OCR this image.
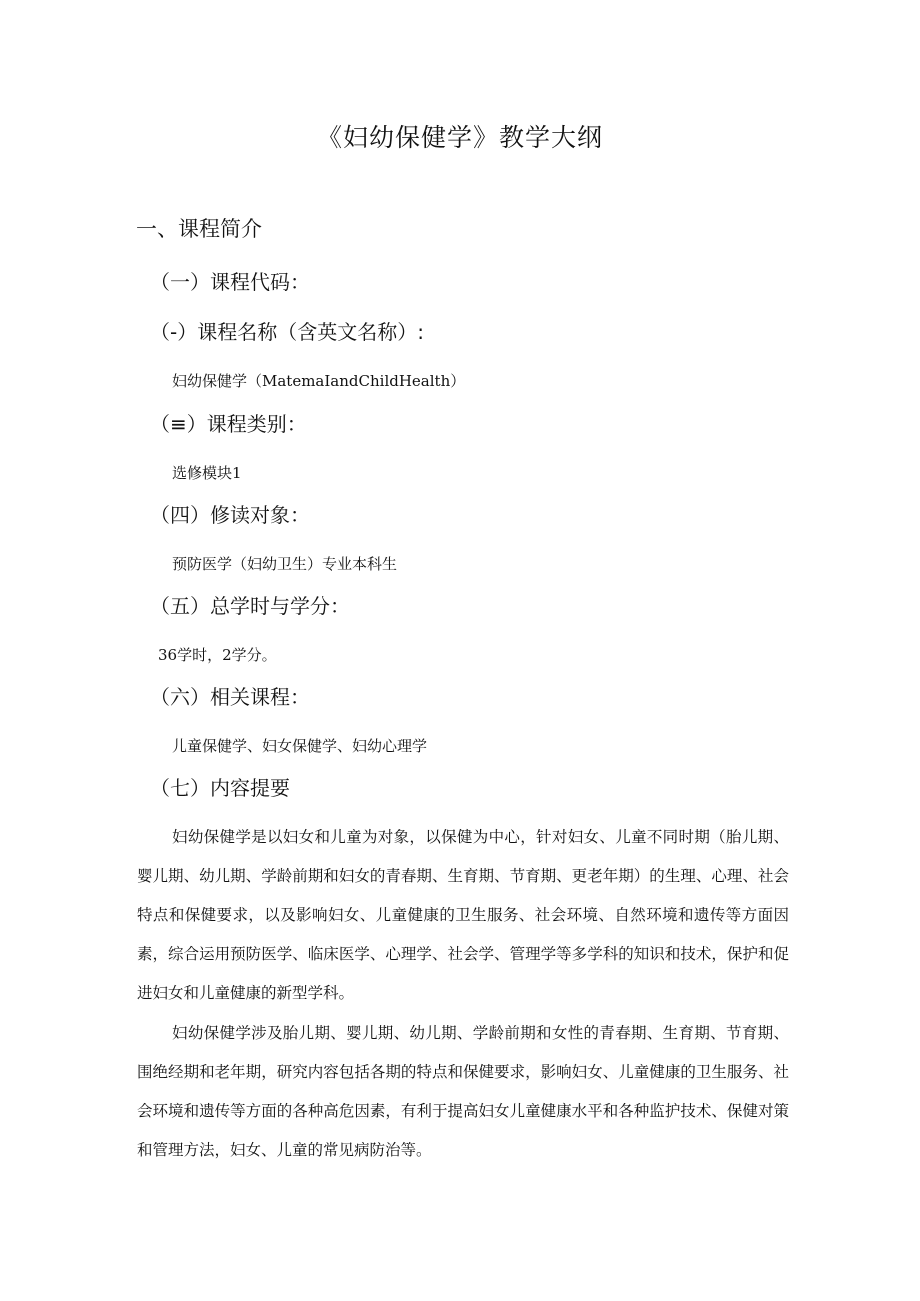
《妇幼保健学》教学大纲
一、课程简介
（一）课程代码：
（-）课程名称（含英文名称）:
妇幼保健学（MatemaIandChildHealth）
（≡）课程类别：
选修模块1
（四）修读对象：
预防医学（妇幼卫生）专业本科生
（五）总学时与学分：
36学时，2学分。
（六）相关课程：
儿童保健学、妇女保健学、妇幼心理学
（七）内容提要

妇幼保健学是以妇女和儿童为对象，以保健为中心，针对妇女、儿童不同时期（胎儿期、婴儿期、幼儿期、学龄前期和妇女的青春期、生育期、节育期、更老年期）的生理、心理、社会特点和保健要求，以及影响妇女、儿童健康的卫生服务、社会环境、自然环境和遗传等方面因素，综合运用预防医学、临床医学、心理学、社会学、管理学等多学科的知识和技术，保护和促进妇女和儿童健康的新型学科。

妇幼保健学涉及胎儿期、婴儿期、幼儿期、学龄前期和女性的青春期、生育期、节育期、围绝经期和老年期，研究内容包括各期的特点和保健要求，影响妇女、儿童健康的卫生服务、社会环境和遗传等方面的各种高危因素，有利于提高妇女儿童健康水平和各种监护技术、保健对策和管理方法，妇女、儿童的常见病防治等。
